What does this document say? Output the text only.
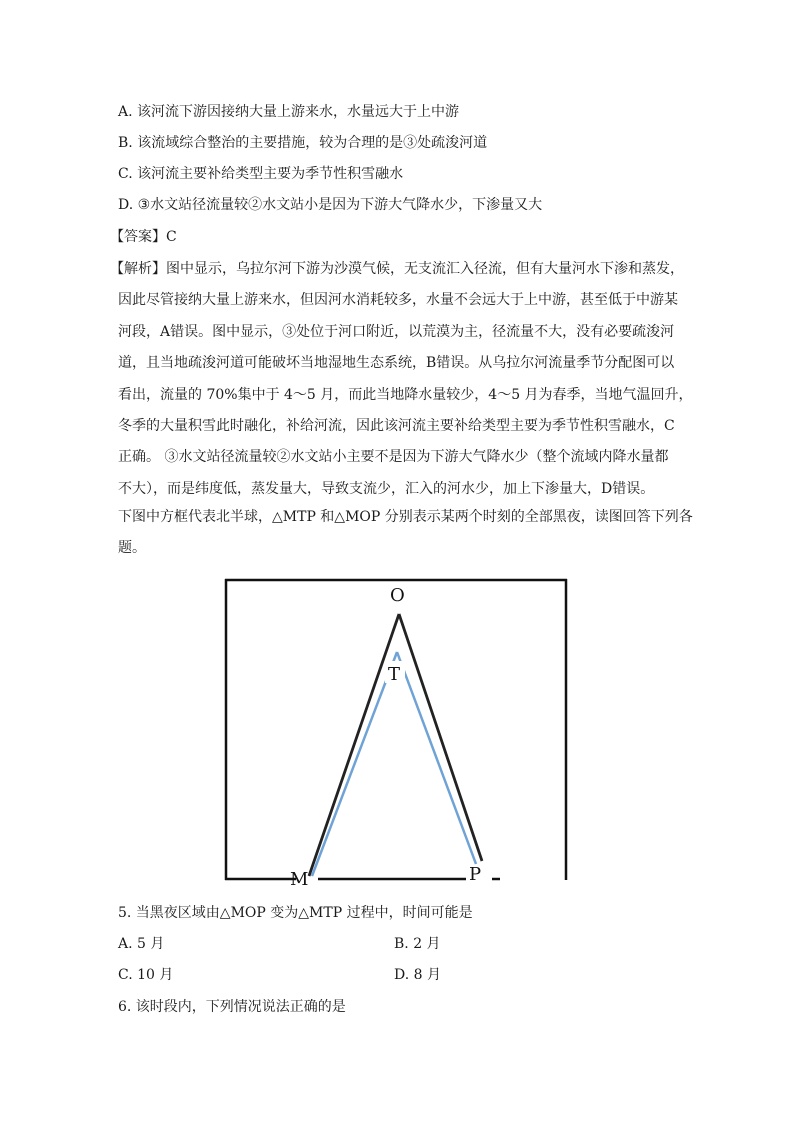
A. 该河流下游因接纳大量上游来水，水量远大于上中游

B. 该流域综合整治的主要措施，较为合理的是③处疏浚河道

C. 该河流主要补给类型主要为季节性积雪融水

D. ③水文站径流量较②水文站小是因为下游大气降水少，下渗量又大

【答案】C

【解析】图中显示，乌拉尔河下游为沙漠气候，无支流汇入径流，但有大量河水下渗和蒸发，
因此尽管接纳大量上游来水，但因河水消耗较多，水量不会远大于上中游，甚至低于中游某
河段，A错误。图中显示，③处位于河口附近，以荒漠为主，径流量不大，没有必要疏浚河
道，且当地疏浚河道可能破坏当地湿地生态系统，B错误。从乌拉尔河流量季节分配图可以
看出，流量的 70%集中于 4～5 月，而此当地降水量较少，4～5 月为春季，当地气温回升，
冬季的大量积雪此时融化，补给河流，因此该河流主要补给类型主要为季节性积雪融水，C
正确。 ③水文站径流量较②水文站小主要不是因为下游大气降水少（整个流域内降水量都
不大），而是纬度低，蒸发量大，导致支流少，汇入的河水少，加上下渗量大，D错误。

下图中方框代表北半球，△MTP 和△MOP 分别表示某两个时刻的全部黑夜，读图回答下列各

题。

O
T
M	P

5. 当黑夜区域由△MOP 变为△MTP 过程中，时间可能是

A. 5 月	B. 2 月
C. 10 月	D. 8 月

6. 该时段内，下列情况说法正确的是
